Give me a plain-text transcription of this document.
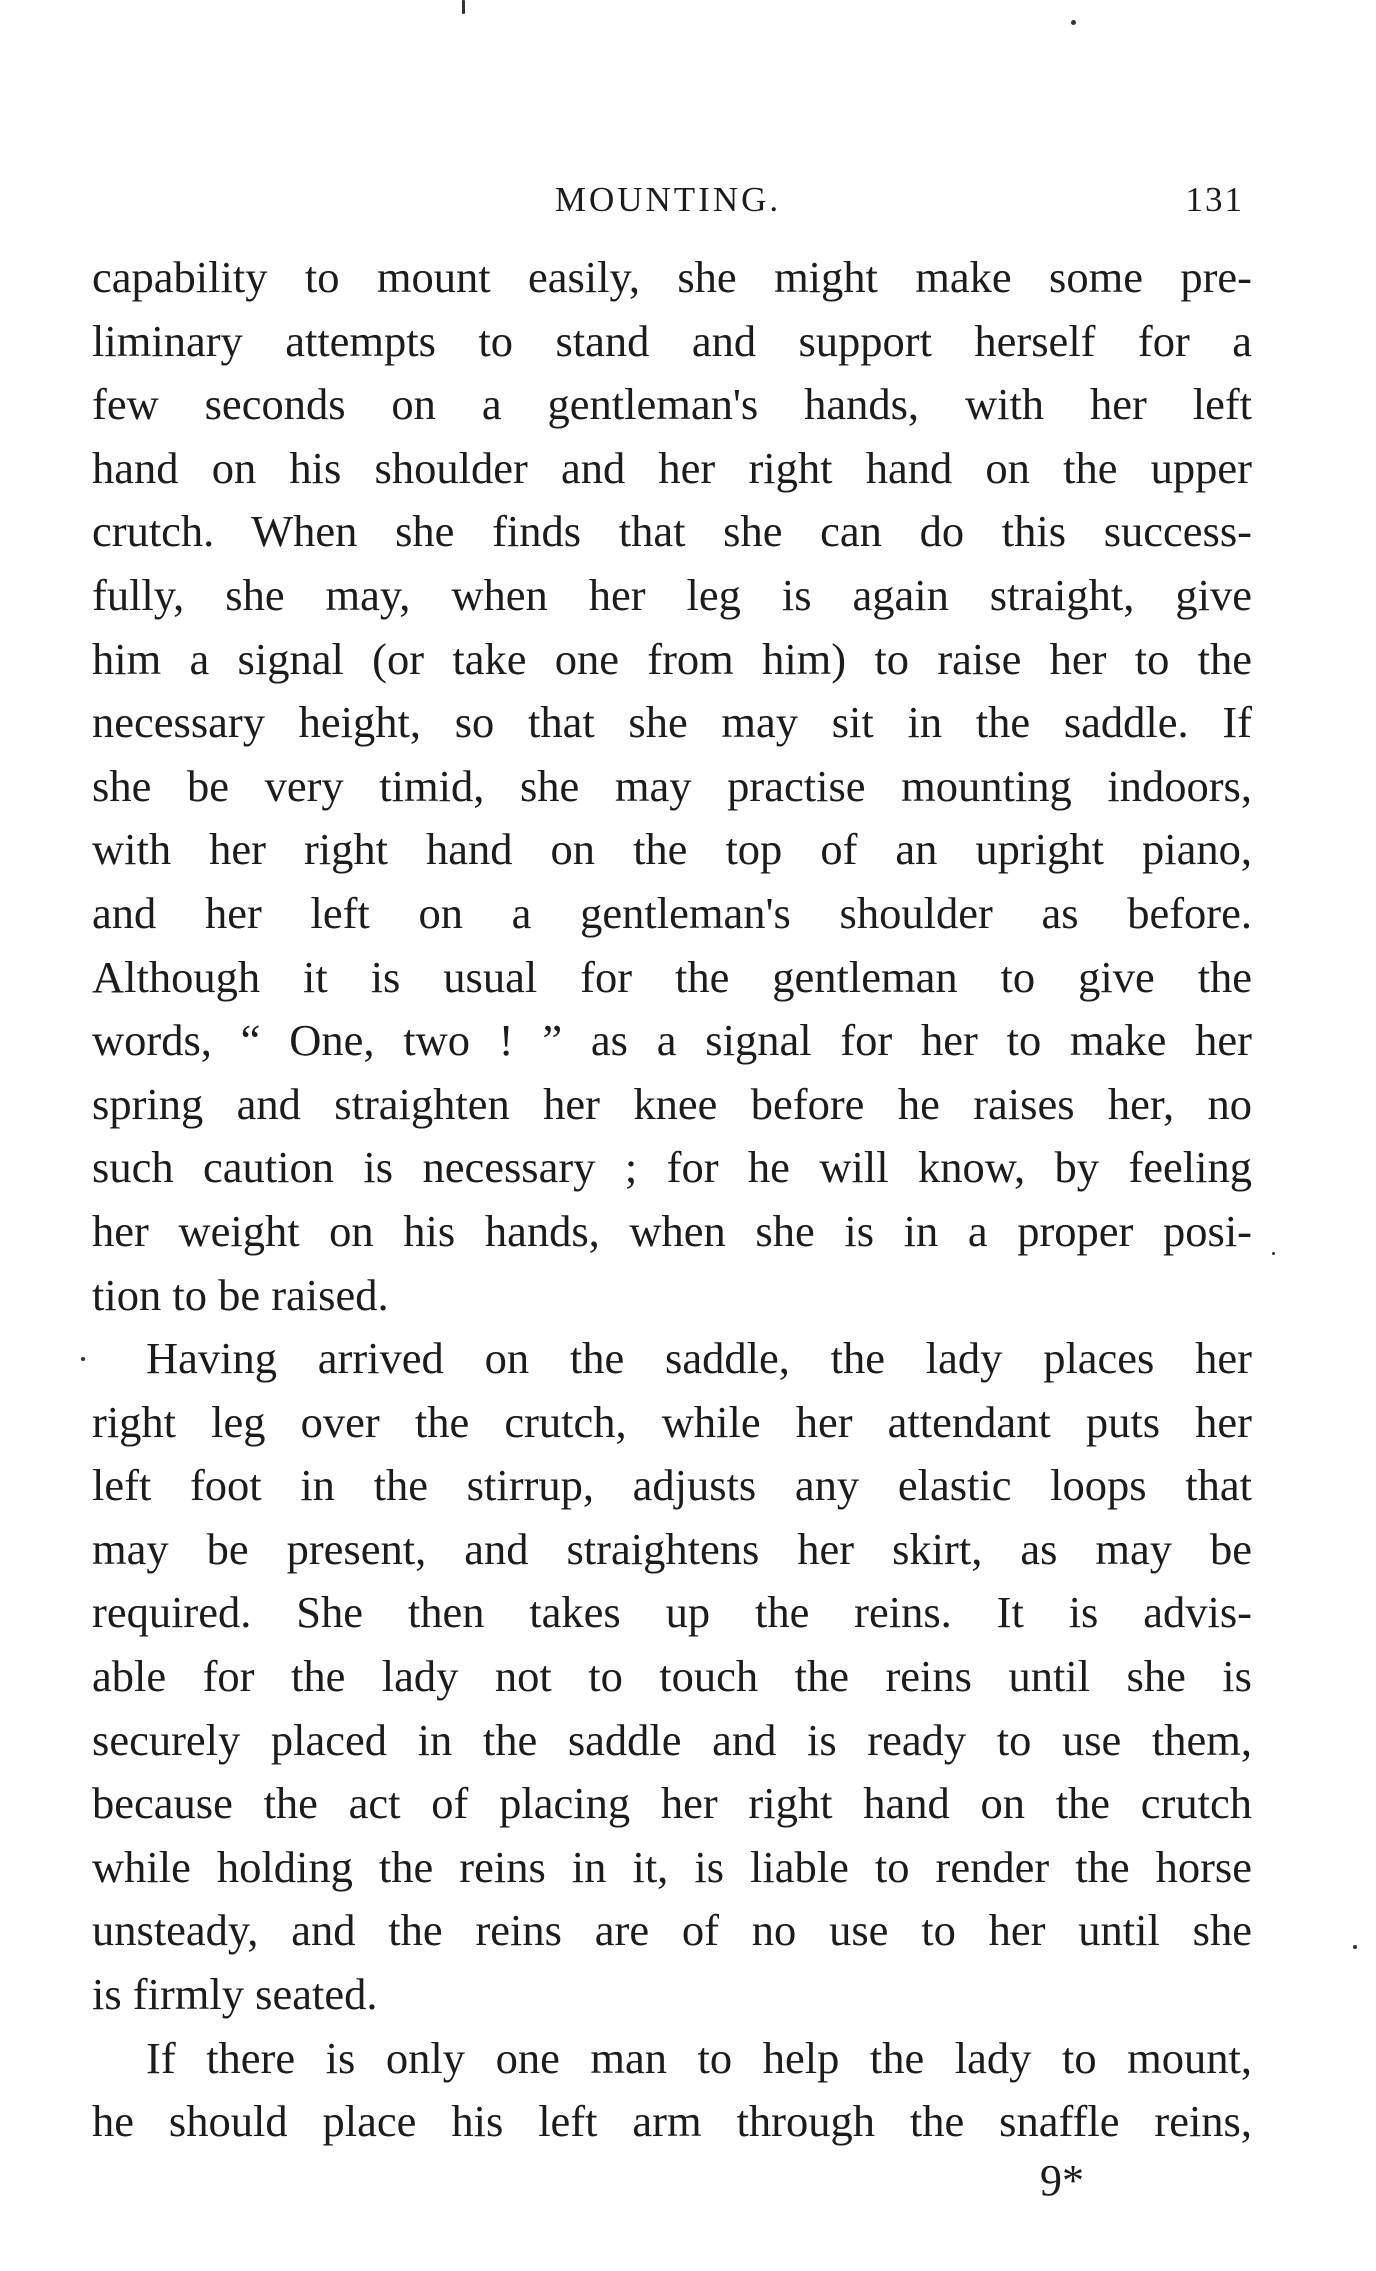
MOUNTING.	131
capability to mount easily, she might make some pre-
liminary attempts to stand and support herself for a
few seconds on a gentleman's hands, with her left
hand on his shoulder and her right hand on the upper
crutch. When she finds that she can do this success-
fully, she may, when her leg is again straight, give
him a signal (or take one from him) to raise her to the
necessary height, so that she may sit in the saddle. If
she be very timid, she may practise mounting indoors,
with her right hand on the top of an upright piano,
and her left on a gentleman's shoulder as before.
Although it is usual for the gentleman to give the
words, “ One, two ! ” as a signal for her to make her
spring and straighten her knee before he raises her, no
such caution is necessary ; for he will know, by feeling
her weight on his hands, when she is in a proper posi-
tion to be raised.
Having arrived on the saddle, the lady places her
right leg over the crutch, while her attendant puts her
left foot in the stirrup, adjusts any elastic loops that
may be present, and straightens her skirt, as may be
required. She then takes up the reins. It is advis-
able for the lady not to touch the reins until she is
securely placed in the saddle and is ready to use them,
because the act of placing her right hand on the crutch
while holding the reins in it, is liable to render the horse
unsteady, and the reins are of no use to her until she
is firmly seated.
If there is only one man to help the lady to mount,
he should place his left arm through the snaffle reins,
9*
